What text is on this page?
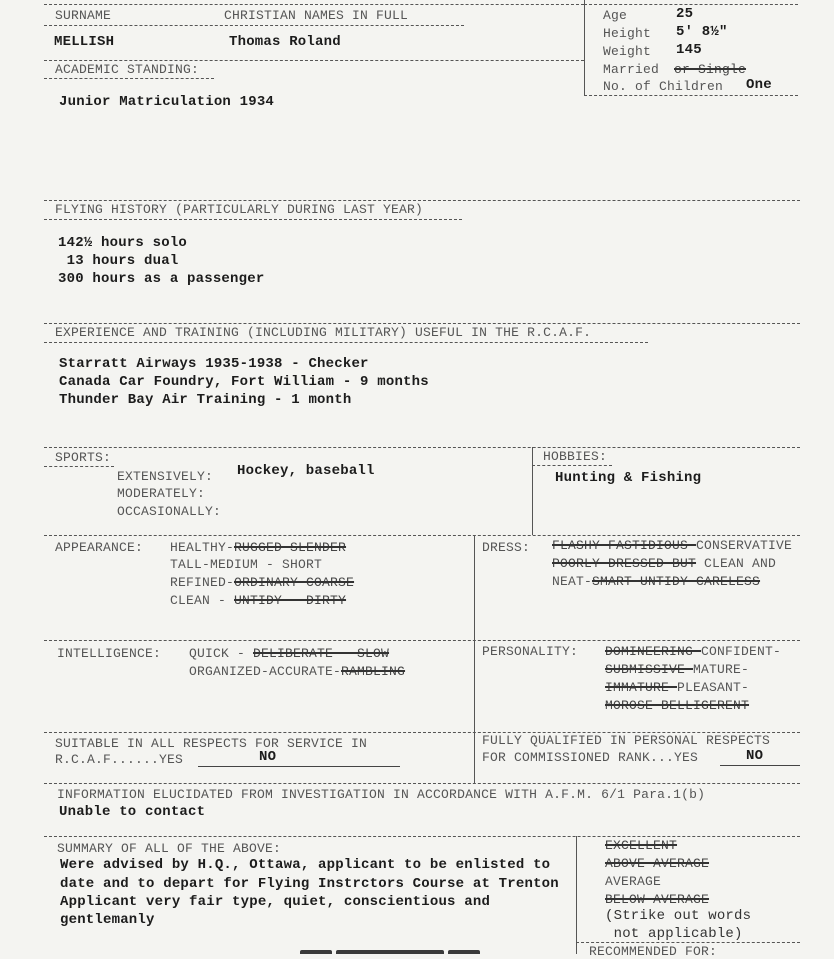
SURNAME	CHRISTIAN NAMES IN FULL
MELLISH	Thomas Roland
Age	25
Height 5' 8½"
Weight 145
Married or Single
No. of Children One
ACADEMIC STANDING:
Junior Matriculation 1934
FLYING HISTORY (PARTICULARLY DURING LAST YEAR)
142½ hours solo
13 hours dual
300 hours as a passenger
EXPERIENCE AND TRAINING (INCLUDING MILITARY) USEFUL IN THE R.C.A.F.
Starratt Airways 1935-1938 - Checker
Canada Car Foundry, Fort William - 9 months
Thunder Bay Air Training - 1 month
SPORTS:
EXTENSIVELY: Hockey, baseball
MODERATELY:
OCCASIONALLY:
HOBBIES:
Hunting & Fishing
APPEARANCE: HEALTHY-RUGGED-SLENDER
TALL-MEDIUM - SHORT
REFINED-ORDINARY-COARSE
CLEAN - UNTIDY - DIRTY
DRESS: FLASHY-FASTIDIOUS-CONSERVATIVE
POORLY DRESSED BUT CLEAN AND
NEAT-SMART-UNTIDY-CARELESS
INTELLIGENCE: QUICK - DELIBERATE - SLOW
ORGANIZED-ACCURATE-RAMBLING
PERSONALITY: DOMINEERING-CONFIDENT-
SUBMISSIVE-MATURE-
IMMATURE-PLEASANT-
MOROSE-BELLIGERENT
SUITABLE IN ALL RESPECTS FOR SERVICE IN
R.C.A.F......YES	NO
FULLY QUALIFIED IN PERSONAL RESPECTS
FOR COMMISSIONED RANK...YES	NO
INFORMATION ELUCIDATED FROM INVESTIGATION IN ACCORDANCE WITH A.F.M. 6/1 Para.1(b)
Unable to contact
SUMMARY OF ALL OF THE ABOVE:
Were advised by H.Q., Ottawa, applicant to be enlisted to
date and to depart for Flying Instrctors Course at Trenton
Applicant very fair type, quiet, conscientious and
gentlemanly
EXCELLENT
ABOVE AVERAGE
AVERAGE
BELOW AVERAGE
(Strike out words
not applicable)
RECOMMENDED FOR:
